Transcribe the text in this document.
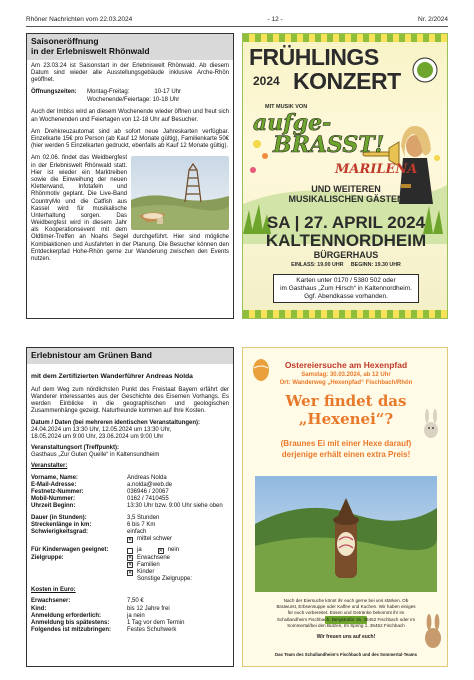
Rhöner Nachrichten vom 22.03.2024	- 12 -	Nr. 2/2024
Saisoneröffnung
in der Erlebniswelt Rhönwald

Am 23.03.24 ist Saisonstart in der Erlebniswelt Rhönwald. Ab diesem Datum sind wieder alle Ausstellungsgebäude inklusive Arche-Rhön geöffnet.

Öffnungszeiten:	Montag-Freitag:               10-17 Uhr
Wochenende/Feiertage: 10-18 Uhr

Auch der Imbiss wird an diesem Wochenende wieder öffnen und freut sich an Wochenenden und Feiertagen von 12-18 Uhr auf Besucher.

Am Drehkreuzautomat sind ab sofort neue Jahreskarten verfügbar. Einzelkarte 15€ pro Person (ab Kauf 12 Monate gültig), Familienkarte 50€ (hier werden 5 Einzelkarten gedruckt, ebenfalls ab Kauf 12 Monate gültig).

Am 02.06. findet das Weidbergfest in der Erlebniswelt Rhönwald statt. Hier ist wieder ein Marktreiben sowie die Einweihung der neuen Kletterwand, Infotafeln und Rhönmotiv geplant. Die Live-Band CountryMo und die Catfish aus Kassel wird für musikalische Unterhaltung sorgen. Das Weidbergfest wird in diesem Jahr als Kooperationsevent mit dem Oldtimer-Treffen an Noahs Segel durchgeführt. Hier sind mögliche Kombiaktionen und Ausfahrten in der Planung. Die Besucher können den Entdeckerpfad Hohe-Rhön gerne zur Wanderung zwischen den Events nutzen.

FRÜHLINGS
2024 KONZERT
MIT MUSIK VON
aufge-
BRASST!
MARILENA
UND WEITEREN
MUSIKALISCHEN GÄSTEN
SA | 27. APRIL 2024
KALTENNORDHEIM
BÜRGERHAUS
EINLASS: 19.00 UHR     BEGINN: 19.30 UHR
Karten unter 0170 / 5380 502 oder
im Gasthaus „Zum Hirsch“ in Kaltennordheim.
Ggf. Abendkasse vorhanden.
Erlebnistour am Grünen Band
mit dem Zertifizierten Wanderführer Andreas Nolda

Auf dem Weg zum nördlichsten Punkt des Freistaat Bayern erfährt der Wanderer interessantes aus der Geschichte des Eisernen Vorhangs. Es werden Einblicke in die geographischen und geologischen Zusammenhänge gezeigt. Naturfreunde kommen auf Ihre Kosten.

Datum / Daten (bei mehreren identischen Veranstaltungen):
24.04.2024 um 13:30 Uhr, 12.05.2024 um 13:30 Uhr,
18.05.2024 um 9:00 Uhr, 23.06.2024 um 9:00 Uhr
Veranstaltungsort (Treffpunkt):
Gasthaus „Zur Guten Quelle“ in Kaltensundheim
Veranstalter:
Vorname, Name:	Andreas Nolda
E-Mail-Adresse:	a.nolda@web.de
Festnetz-Nummer:	036946 / 20067
Mobil-Nummer:	0162 / 7410455
Uhrzeit Beginn:	13:30 Uhr bzw. 9:00 Uhr siehe oben
Dauer (in Stunden):	3,5 Stunden
Streckenlänge in km:	6 bis 7 Km
Schwierigkeitsgrad:	einfach
✕ mittel schwer
Für Kinderwagen geeignet:	ja	✕ nein
Zielgruppe:	✕ Erwachsene
✕ Familien
✕ Kinder
Sonstige Zielgruppe:
Kosten in Euro:
Erwachsener:	7,50 €
Kind:	bis 12 Jahre frei
Anmeldung erforderlich:	ja nein
Anmeldung bis spätestens:	1 Tag vor dem Termin
Folgendes ist mitzubringen:	Festes Schuhwerk
Ostereiersuche am Hexenpfad
Samstag: 30.03.2024, ab 12 Uhr
Ort: Wanderweg „Hexenpfad“ Fischbach/Rhön
Wer findet das „Hexenei“?
(Braunes Ei mit einer Hexe darauf)
derjenige erhält einen extra Preis!
Nach der Eiersuche könnt ihr euch gerne bei uns stärken. Ob
Bratwurst, Erbsensuppe oder Kaffee und Kuchen. Wir haben einiges
für euch vorbereitet. Essen und Getränke bekommt ihr im
Schullandheim Fischbach, Bergstraße 15, 36452 Fischbach oder im
Sommertal/bei den Butzen, Im Spring 1, 36452 Fischbach
Wir freuen uns auf euch!
Das Team des Schullandheim's Fischbach und des Sommertal-Teams
